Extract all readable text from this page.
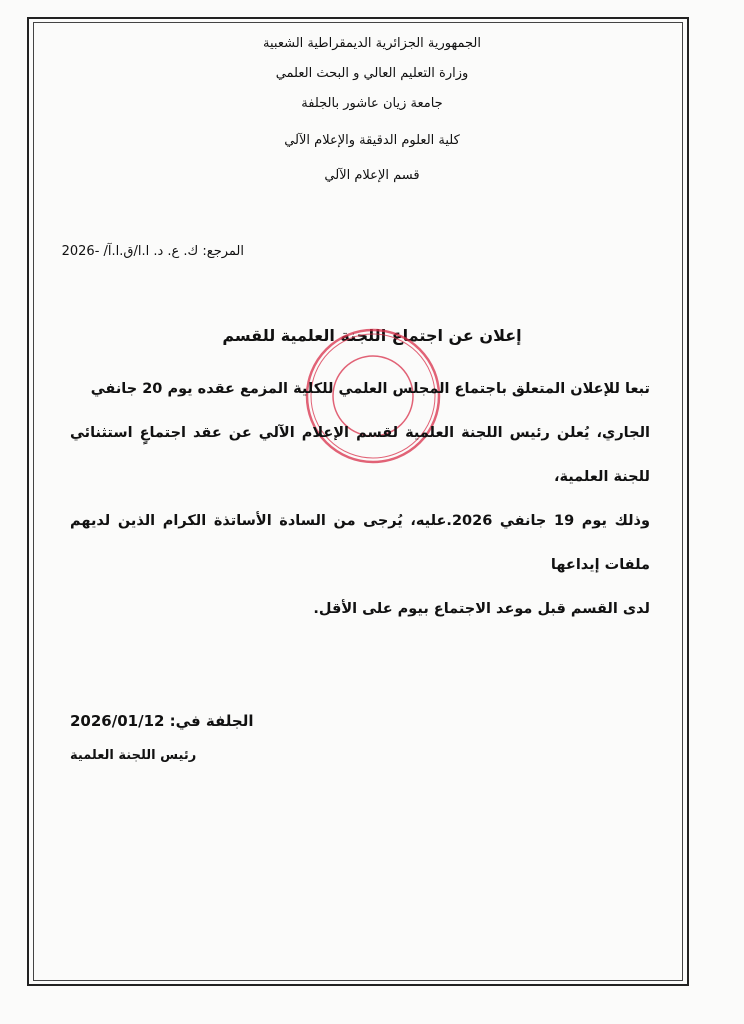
الجمهورية الجزائرية الديمقراطية الشعبية
وزارة التعليم العالي و البحث العلمي
جامعة زيان عاشور بالجلفة
كلية العلوم الدقيقة والإعلام الآلي
قسم الإعلام الآلي
المرجع: ك. ع. د. ا.ا/ق.ا.آ/ -2026
إعلان عن اجتماع اللجنة العلمية للقسم
تبعا للإعلان المتعلق باجتماع المجلس العلمي للكلية المزمع عقده يوم 20 جانفي
الجاري، يُعلن رئيس اللجنة العلمية لقسم الإعلام الآلي عن عقد اجتماعٍ استثنائي للجنة العلمية،
وذلك يوم 19 جانفي 2026.عليه، يُرجى من السادة الأساتذة الكرام الذين لديهم ملفات إيداعها
لدى القسم قبل موعد الاجتماع بيوم على الأقل.
الجلفة في: 2026/01/12
رئيس اللجنة العلمية
